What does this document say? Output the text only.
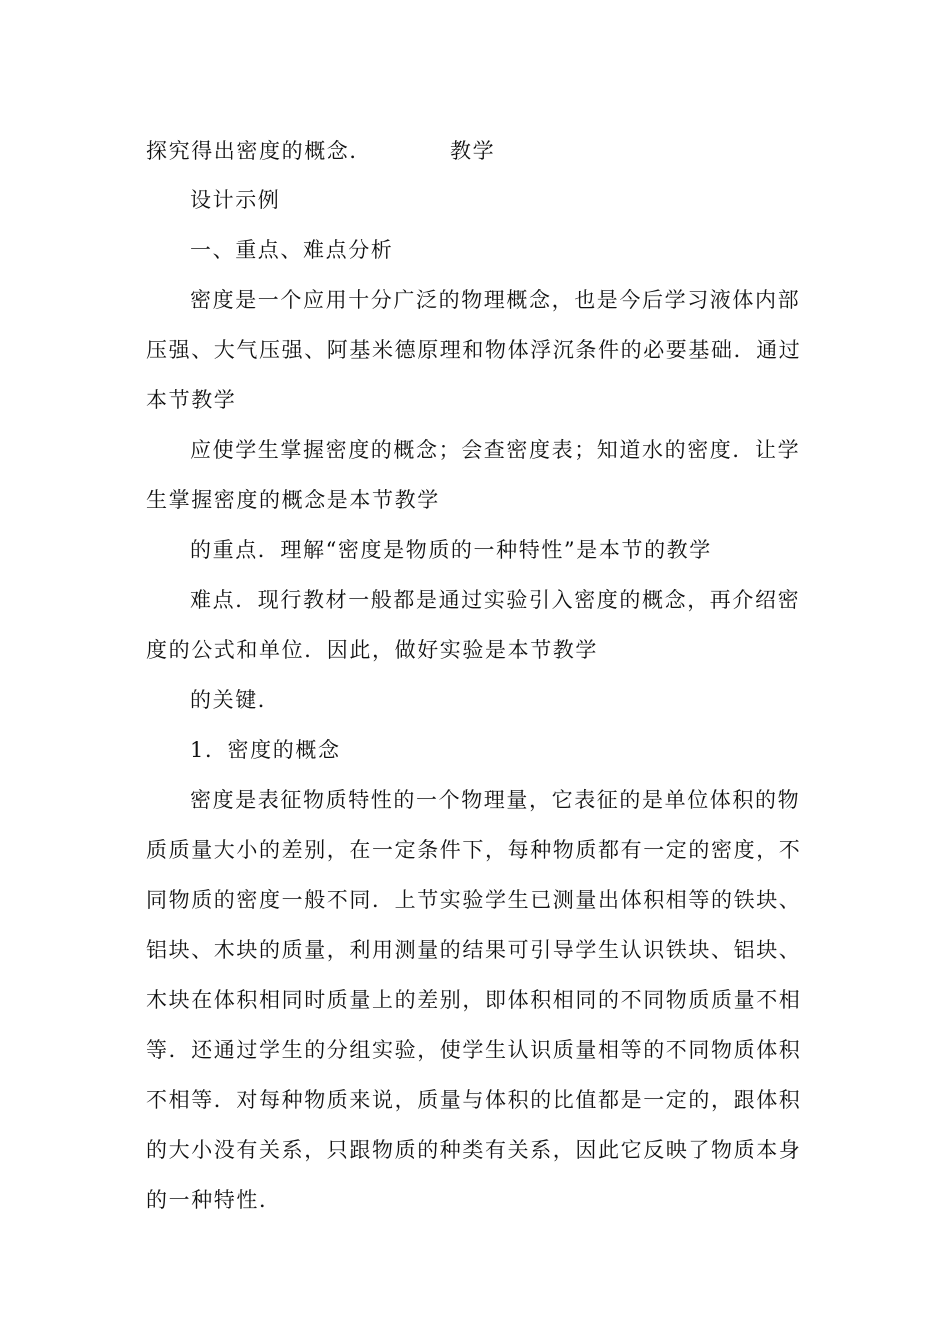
探究得出密度的概念．	教学
设计示例
一、重点、难点分析
密度是一个应用十分广泛的物理概念，也是今后学习液体内部
压强、大气压强、阿基米德原理和物体浮沉条件的必要基础．通过
本节教学
应使学生掌握密度的概念；会查密度表；知道水的密度．让学
生掌握密度的概念是本节教学
的重点．理解“密度是物质的一种特性”是本节的教学
难点．现行教材一般都是通过实验引入密度的概念，再介绍密
度的公式和单位．因此，做好实验是本节教学
的关键．
1．密度的概念
密度是表征物质特性的一个物理量，它表征的是单位体积的物
质质量大小的差别，在一定条件下，每种物质都有一定的密度，不
同物质的密度一般不同．上节实验学生已测量出体积相等的铁块、
铝块、木块的质量，利用测量的结果可引导学生认识铁块、铝块、
木块在体积相同时质量上的差别，即体积相同的不同物质质量不相
等．还通过学生的分组实验，使学生认识质量相等的不同物质体积
不相等．对每种物质来说，质量与体积的比值都是一定的，跟体积
的大小没有关系，只跟物质的种类有关系，因此它反映了物质本身
的一种特性．
